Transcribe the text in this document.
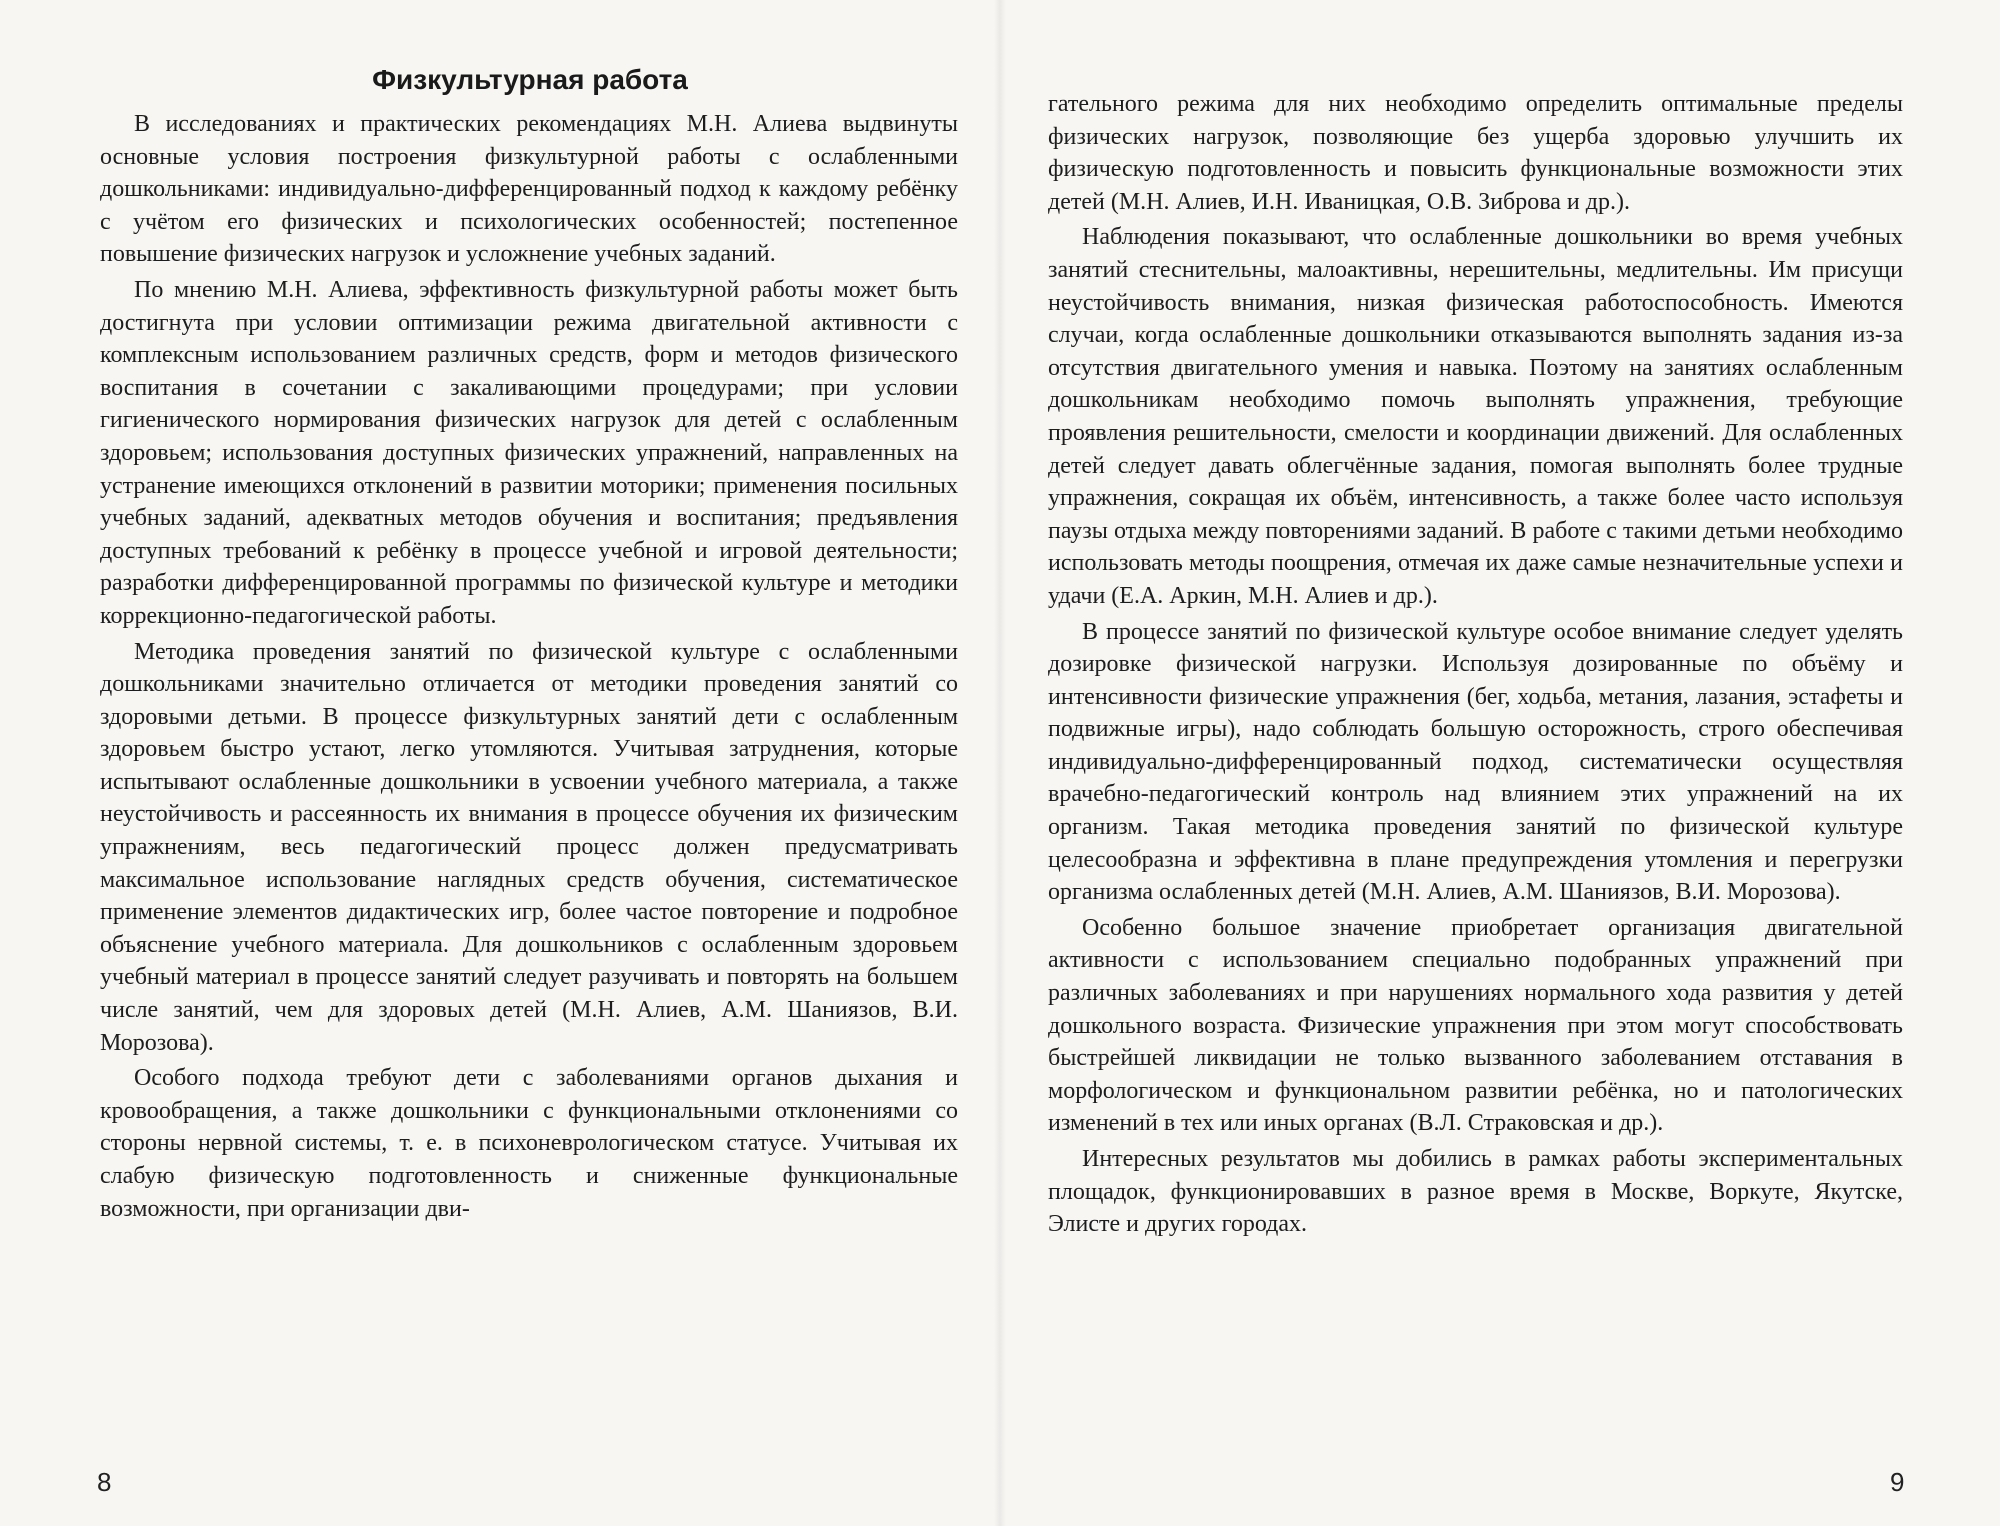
Физкультурная работа

В исследованиях и практических рекомендациях М.Н. Алиева выдвинуты основные условия построения физкультурной работы с ослабленными дошкольниками: индивидуально-дифференцированный подход к каждому ребёнку с учётом его физических и психологических особенностей; постепенное повышение физических нагрузок и усложнение учебных заданий.

По мнению М.Н. Алиева, эффективность физкультурной работы может быть достигнута при условии оптимизации режима двигательной активности с комплексным использованием различных средств, форм и методов физического воспитания в сочетании с закаливающими процедурами; при условии гигиенического нормирования физических нагрузок для детей с ослабленным здоровьем; использования доступных физических упражнений, направленных на устранение имеющихся отклонений в развитии моторики; применения посильных учебных заданий, адекватных методов обучения и воспитания; предъявления доступных требований к ребёнку в процессе учебной и игровой деятельности; разработки дифференцированной программы по физической культуре и методики коррекционно-педагогической работы.

Методика проведения занятий по физической культуре с ослабленными дошкольниками значительно отличается от методики проведения занятий со здоровыми детьми. В процессе физкультурных занятий дети с ослабленным здоровьем быстро устают, легко утомляются. Учитывая затруднения, которые испытывают ослабленные дошкольники в усвоении учебного материала, а также неустойчивость и рассеянность их внимания в процессе обучения их физическим упражнениям, весь педагогический процесс должен предусматривать максимальное использование наглядных средств обучения, систематическое применение элементов дидактических игр, более частое повторение и подробное объяснение учебного материала. Для дошкольников с ослабленным здоровьем учебный материал в процессе занятий следует разучивать и повторять на большем числе занятий, чем для здоровых детей (М.Н. Алиев, А.М. Шаниязов, В.И. Морозова).

Особого подхода требуют дети с заболеваниями органов дыхания и кровообращения, а также дошкольники с функциональными отклонениями со стороны нервной системы, т. е. в психоневрологическом статусе. Учитывая их слабую физическую подготовленность и сниженные функциональные возможности, при организации дви-

8

гательного режима для них необходимо определить оптимальные пределы физических нагрузок, позволяющие без ущерба здоровью улучшить их физическую подготовленность и повысить функциональные возможности этих детей (М.Н. Алиев, И.Н. Иваницкая, О.В. Зиброва и др.).

Наблюдения показывают, что ослабленные дошкольники во время учебных занятий стеснительны, малоактивны, нерешительны, медлительны. Им присущи неустойчивость внимания, низкая физическая работоспособность. Имеются случаи, когда ослабленные дошкольники отказываются выполнять задания из-за отсутствия двигательного умения и навыка. Поэтому на занятиях ослабленным дошкольникам необходимо помочь выполнять упражнения, требующие проявления решительности, смелости и координации движений. Для ослабленных детей следует давать облегчённые задания, помогая выполнять более трудные упражнения, сокращая их объём, интенсивность, а также более часто используя паузы отдыха между повторениями заданий. В работе с такими детьми необходимо использовать методы поощрения, отмечая их даже самые незначительные успехи и удачи (Е.А. Аркин, М.Н. Алиев и др.).

В процессе занятий по физической культуре особое внимание следует уделять дозировке физической нагрузки. Используя дозированные по объёму и интенсивности физические упражнения (бег, ходьба, метания, лазания, эстафеты и подвижные игры), надо соблюдать большую осторожность, строго обеспечивая индивидуально-дифференцированный подход, систематически осуществляя врачебно-педагогический контроль над влиянием этих упражнений на их организм. Такая методика проведения занятий по физической культуре целесообразна и эффективна в плане предупреждения утомления и перегрузки организма ослабленных детей (М.Н. Алиев, А.М. Шаниязов, В.И. Морозова).

Особенно большое значение приобретает организация двигательной активности с использованием специально подобранных упражнений при различных заболеваниях и при нарушениях нормального хода развития у детей дошкольного возраста. Физические упражнения при этом могут способствовать быстрейшей ликвидации не только вызванного заболеванием отставания в морфологическом и функциональном развитии ребёнка, но и патологических изменений в тех или иных органах (В.Л. Страковская и др.).

Интересных результатов мы добились в рамках работы экспериментальных площадок, функционировавших в разное время в Москве, Воркуте, Якутске, Элисте и других городах.

9
